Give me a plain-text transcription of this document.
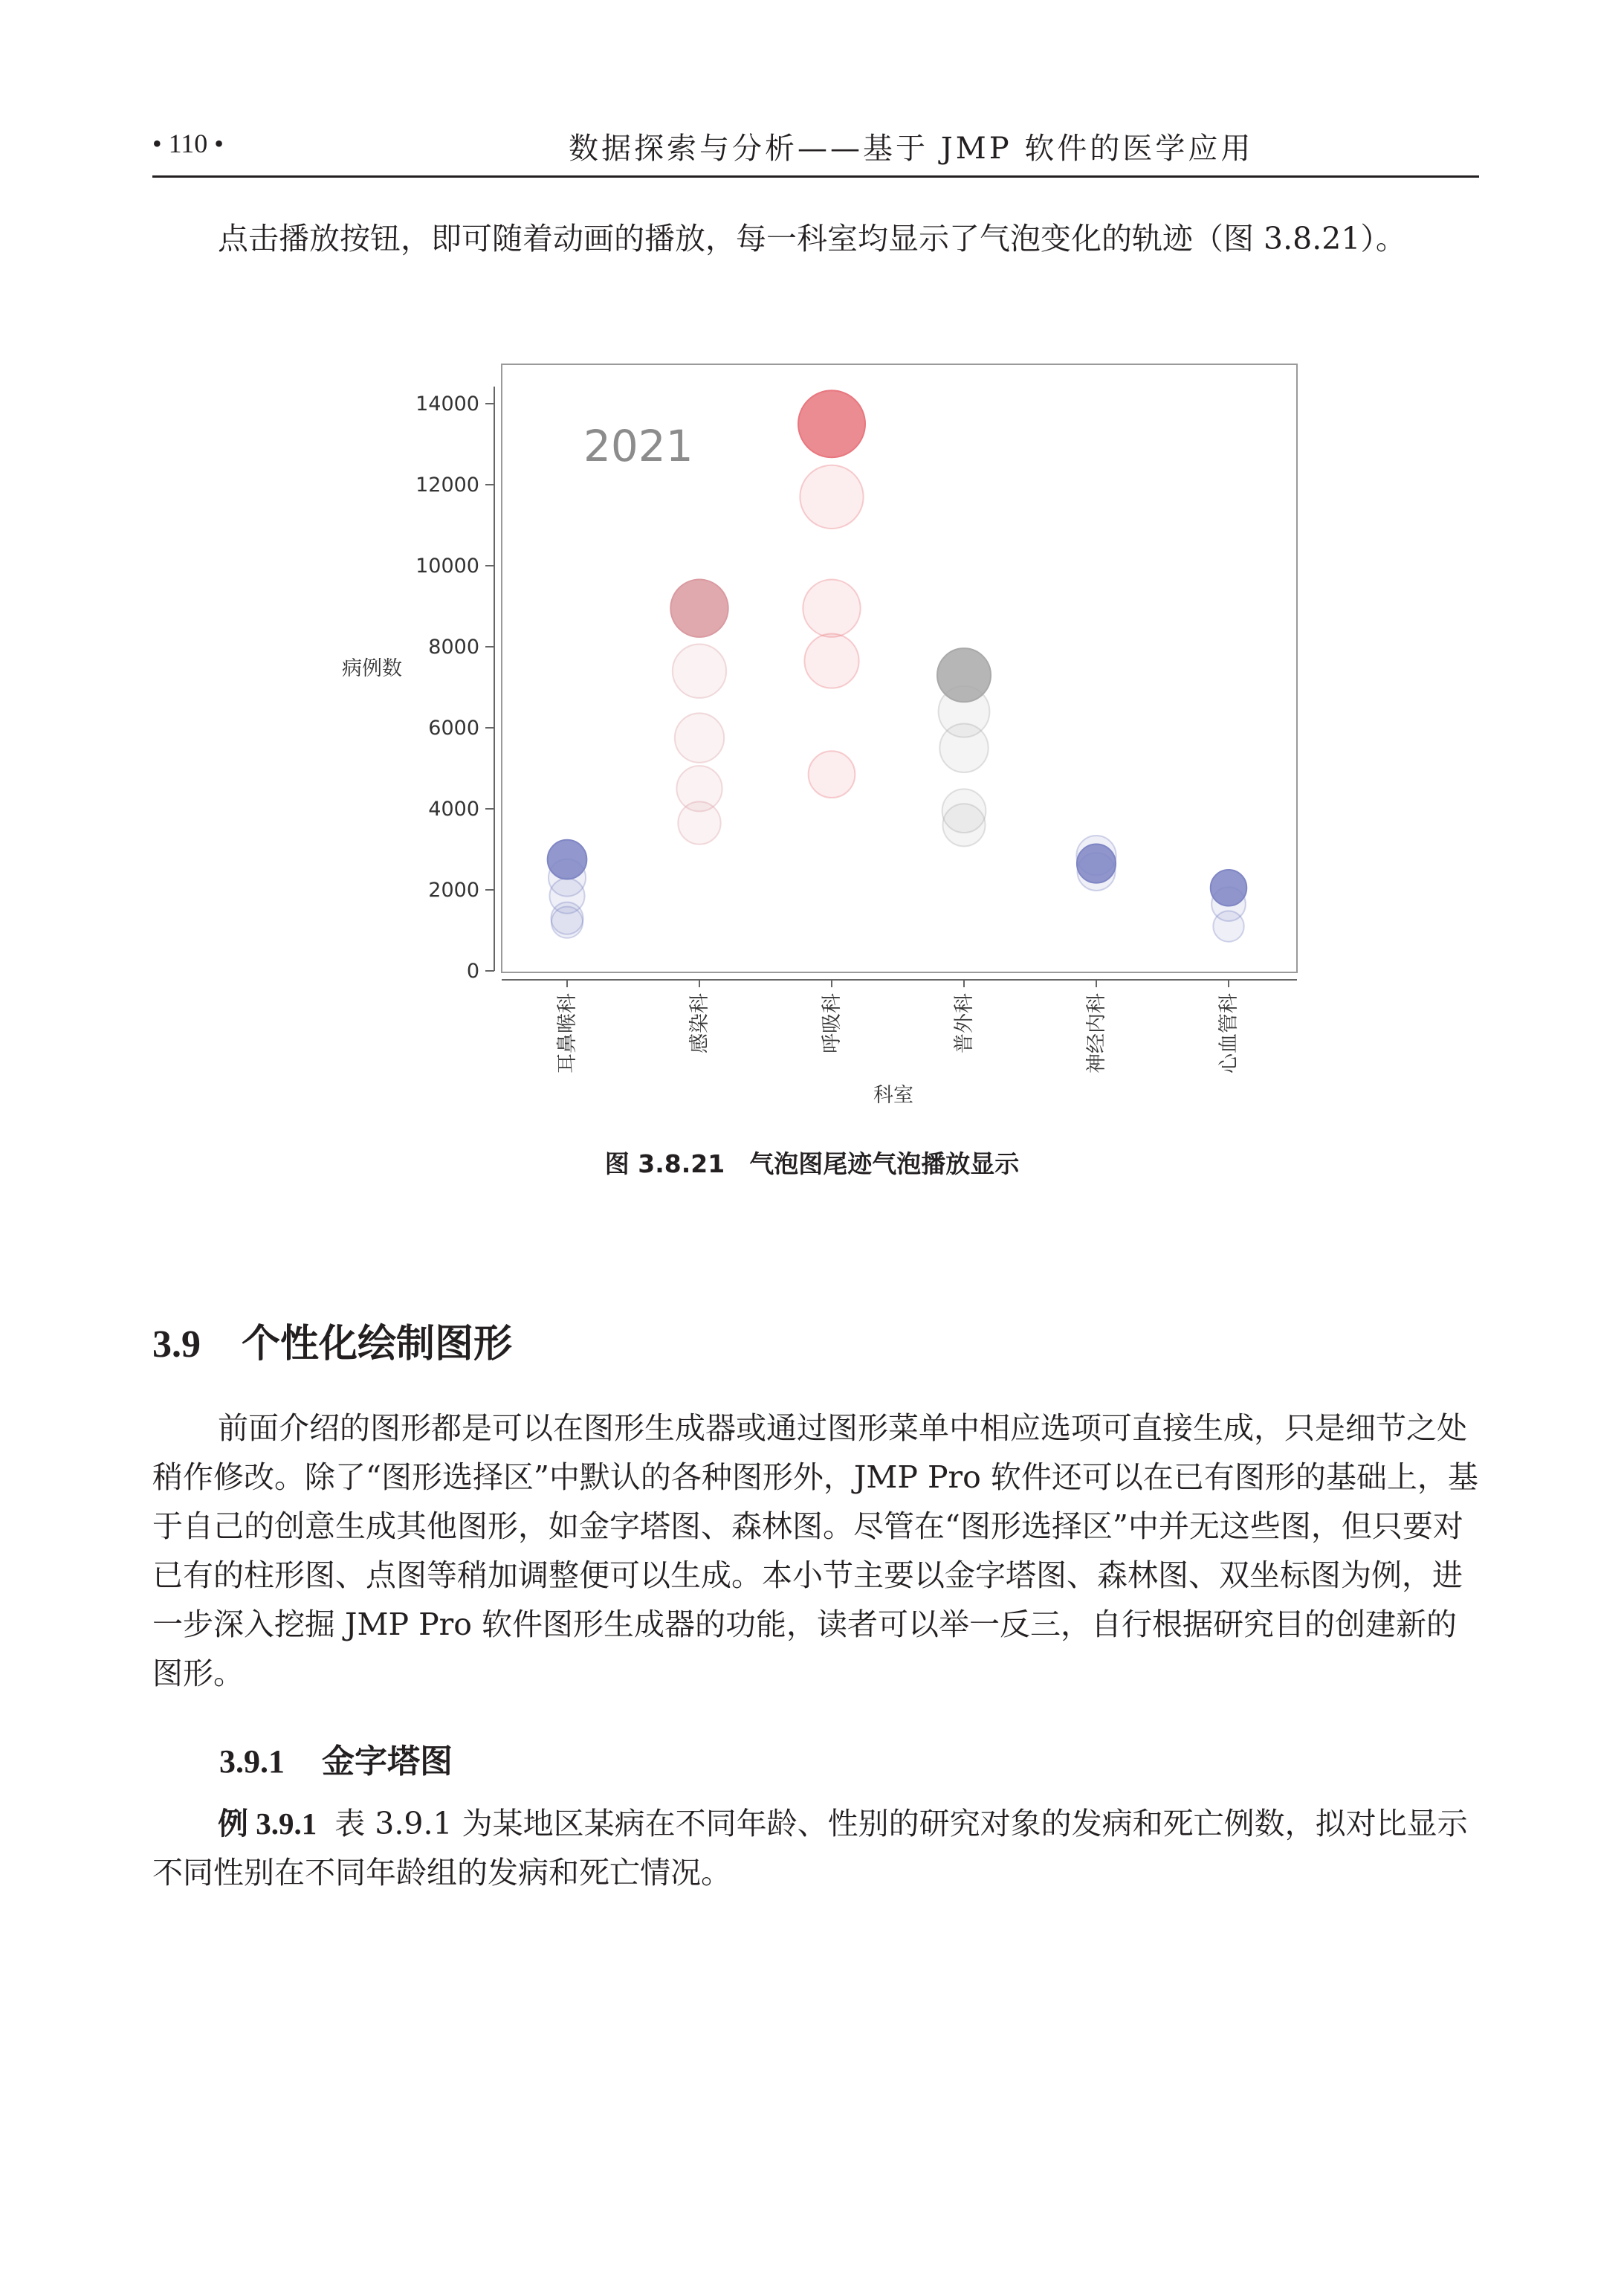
• 110 •	数据探索与分析——基于 JMP 软件的医学应用
点击播放按钮，即可随着动画的播放，每一科室均显示了气泡变化的轨迹（图 3.8.21）。
0
2000
4000
6000
8000
10000
12000
14000
耳鼻喉科	感染科	呼吸科	普外科	神经内科	心血管科
2021
病例数
科室
图 3.8.21　气泡图尾迹气泡播放显示
3.9 个性化绘制图形
前面介绍的图形都是可以在图形生成器或通过图形菜单中相应选项可直接生成，只是细节之处稍作修改。除了“图形选择区”中默认的各种图形外，JMP Pro 软件还可以在已有图形的基础上，基于自己的创意生成其他图形，如金字塔图、森林图。尽管在“图形选择区”中并无这些图，但只要对已有的柱形图、点图等稍加调整便可以生成。本小节主要以金字塔图、森林图、双坐标图为例，进一步深入挖掘 JMP Pro 软件图形生成器的功能，读者可以举一反三，自行根据研究目的创建新的图形。
3.9.1 金字塔图
例 3.9.1 表 3.9.1 为某地区某病在不同年龄、性别的研究对象的发病和死亡例数，拟对比显示不同性别在不同年龄组的发病和死亡情况。
